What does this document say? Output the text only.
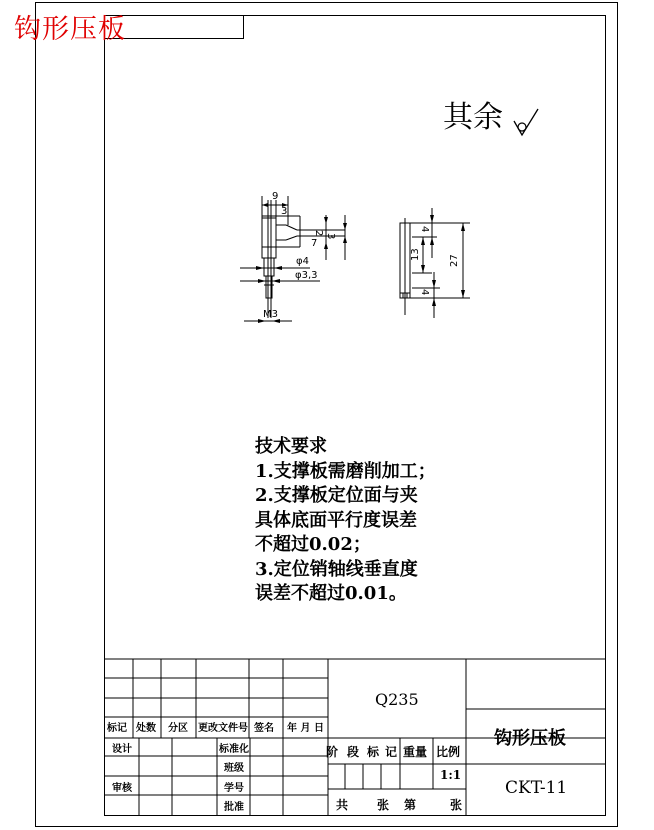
钩形压板
其余
9
3
2 3
7
φ4
φ3,3
M3
4
13	27
4
技术要求
1.支撑板需磨削加工；
2.支撑板定位面与夹
具体底面平行度误差
不超过0.02；
3.定位销轴线垂直度
误差不超过0.01。
标记 处数 分区 更改文件号 签名 年 月 日
设计	标准化
班级
审核	学号
批准
Q235
阶 段 标 记 重量 比例
1:1
共 张 第	张
钩形压板
CKT-11
